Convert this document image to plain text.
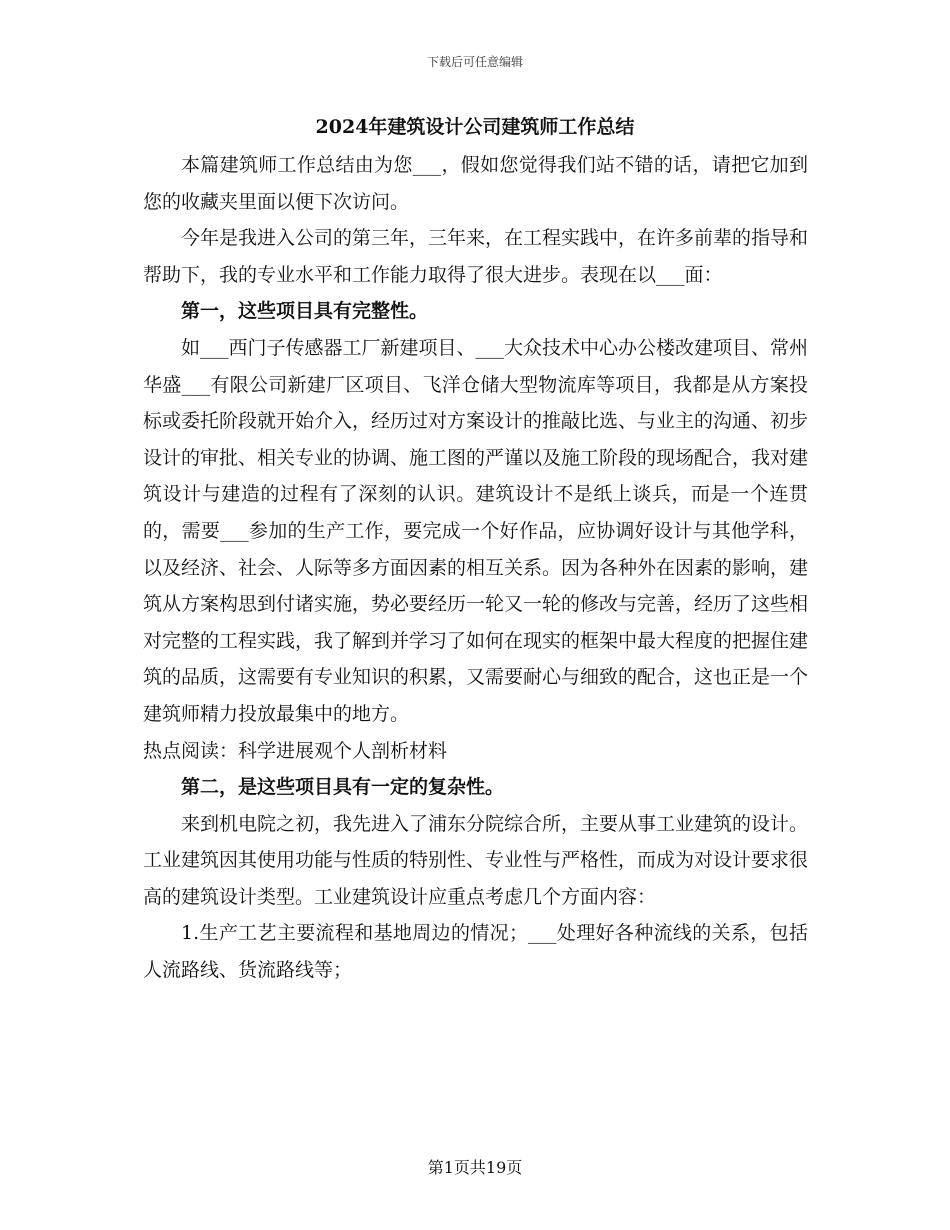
下载后可任意编辑
2024年建筑设计公司建筑师工作总结

本篇建筑师工作总结由为您___，假如您觉得我们站不错的话，请把它加到您的收藏夹里面以便下次访问。

今年是我进入公司的第三年，三年来，在工程实践中，在许多前辈的指导和帮助下，我的专业水平和工作能力取得了很大进步。表现在以___面：

第一，这些项目具有完整性。

如___西门子传感器工厂新建项目、___大众技术中心办公楼改建项目、常州华盛___有限公司新建厂区项目、飞洋仓储大型物流库等项目，我都是从方案投标或委托阶段就开始介入，经历过对方案设计的推敲比选、与业主的沟通、初步设计的审批、相关专业的协调、施工图的严谨以及施工阶段的现场配合，我对建筑设计与建造的过程有了深刻的认识。建筑设计不是纸上谈兵，而是一个连贯的，需要___参加的生产工作，要完成一个好作品，应协调好设计与其他学科，以及经济、社会、人际等多方面因素的相互关系。因为各种外在因素的影响，建筑从方案构思到付诸实施，势必要经历一轮又一轮的修改与完善，经历了这些相对完整的工程实践，我了解到并学习了如何在现实的框架中最大程度的把握住建筑的品质，这需要有专业知识的积累，又需要耐心与细致的配合，这也正是一个建筑师精力投放最集中的地方。

热点阅读：科学进展观个人剖析材料

第二，是这些项目具有一定的复杂性。

来到机电院之初，我先进入了浦东分院综合所，主要从事工业建筑的设计。工业建筑因其使用功能与性质的特别性、专业性与严格性，而成为对设计要求很高的建筑设计类型。工业建筑设计应重点考虑几个方面内容：

1.生产工艺主要流程和基地周边的情况；___处理好各种流线的关系，包括人流路线、货流路线等；

第1页共19页
